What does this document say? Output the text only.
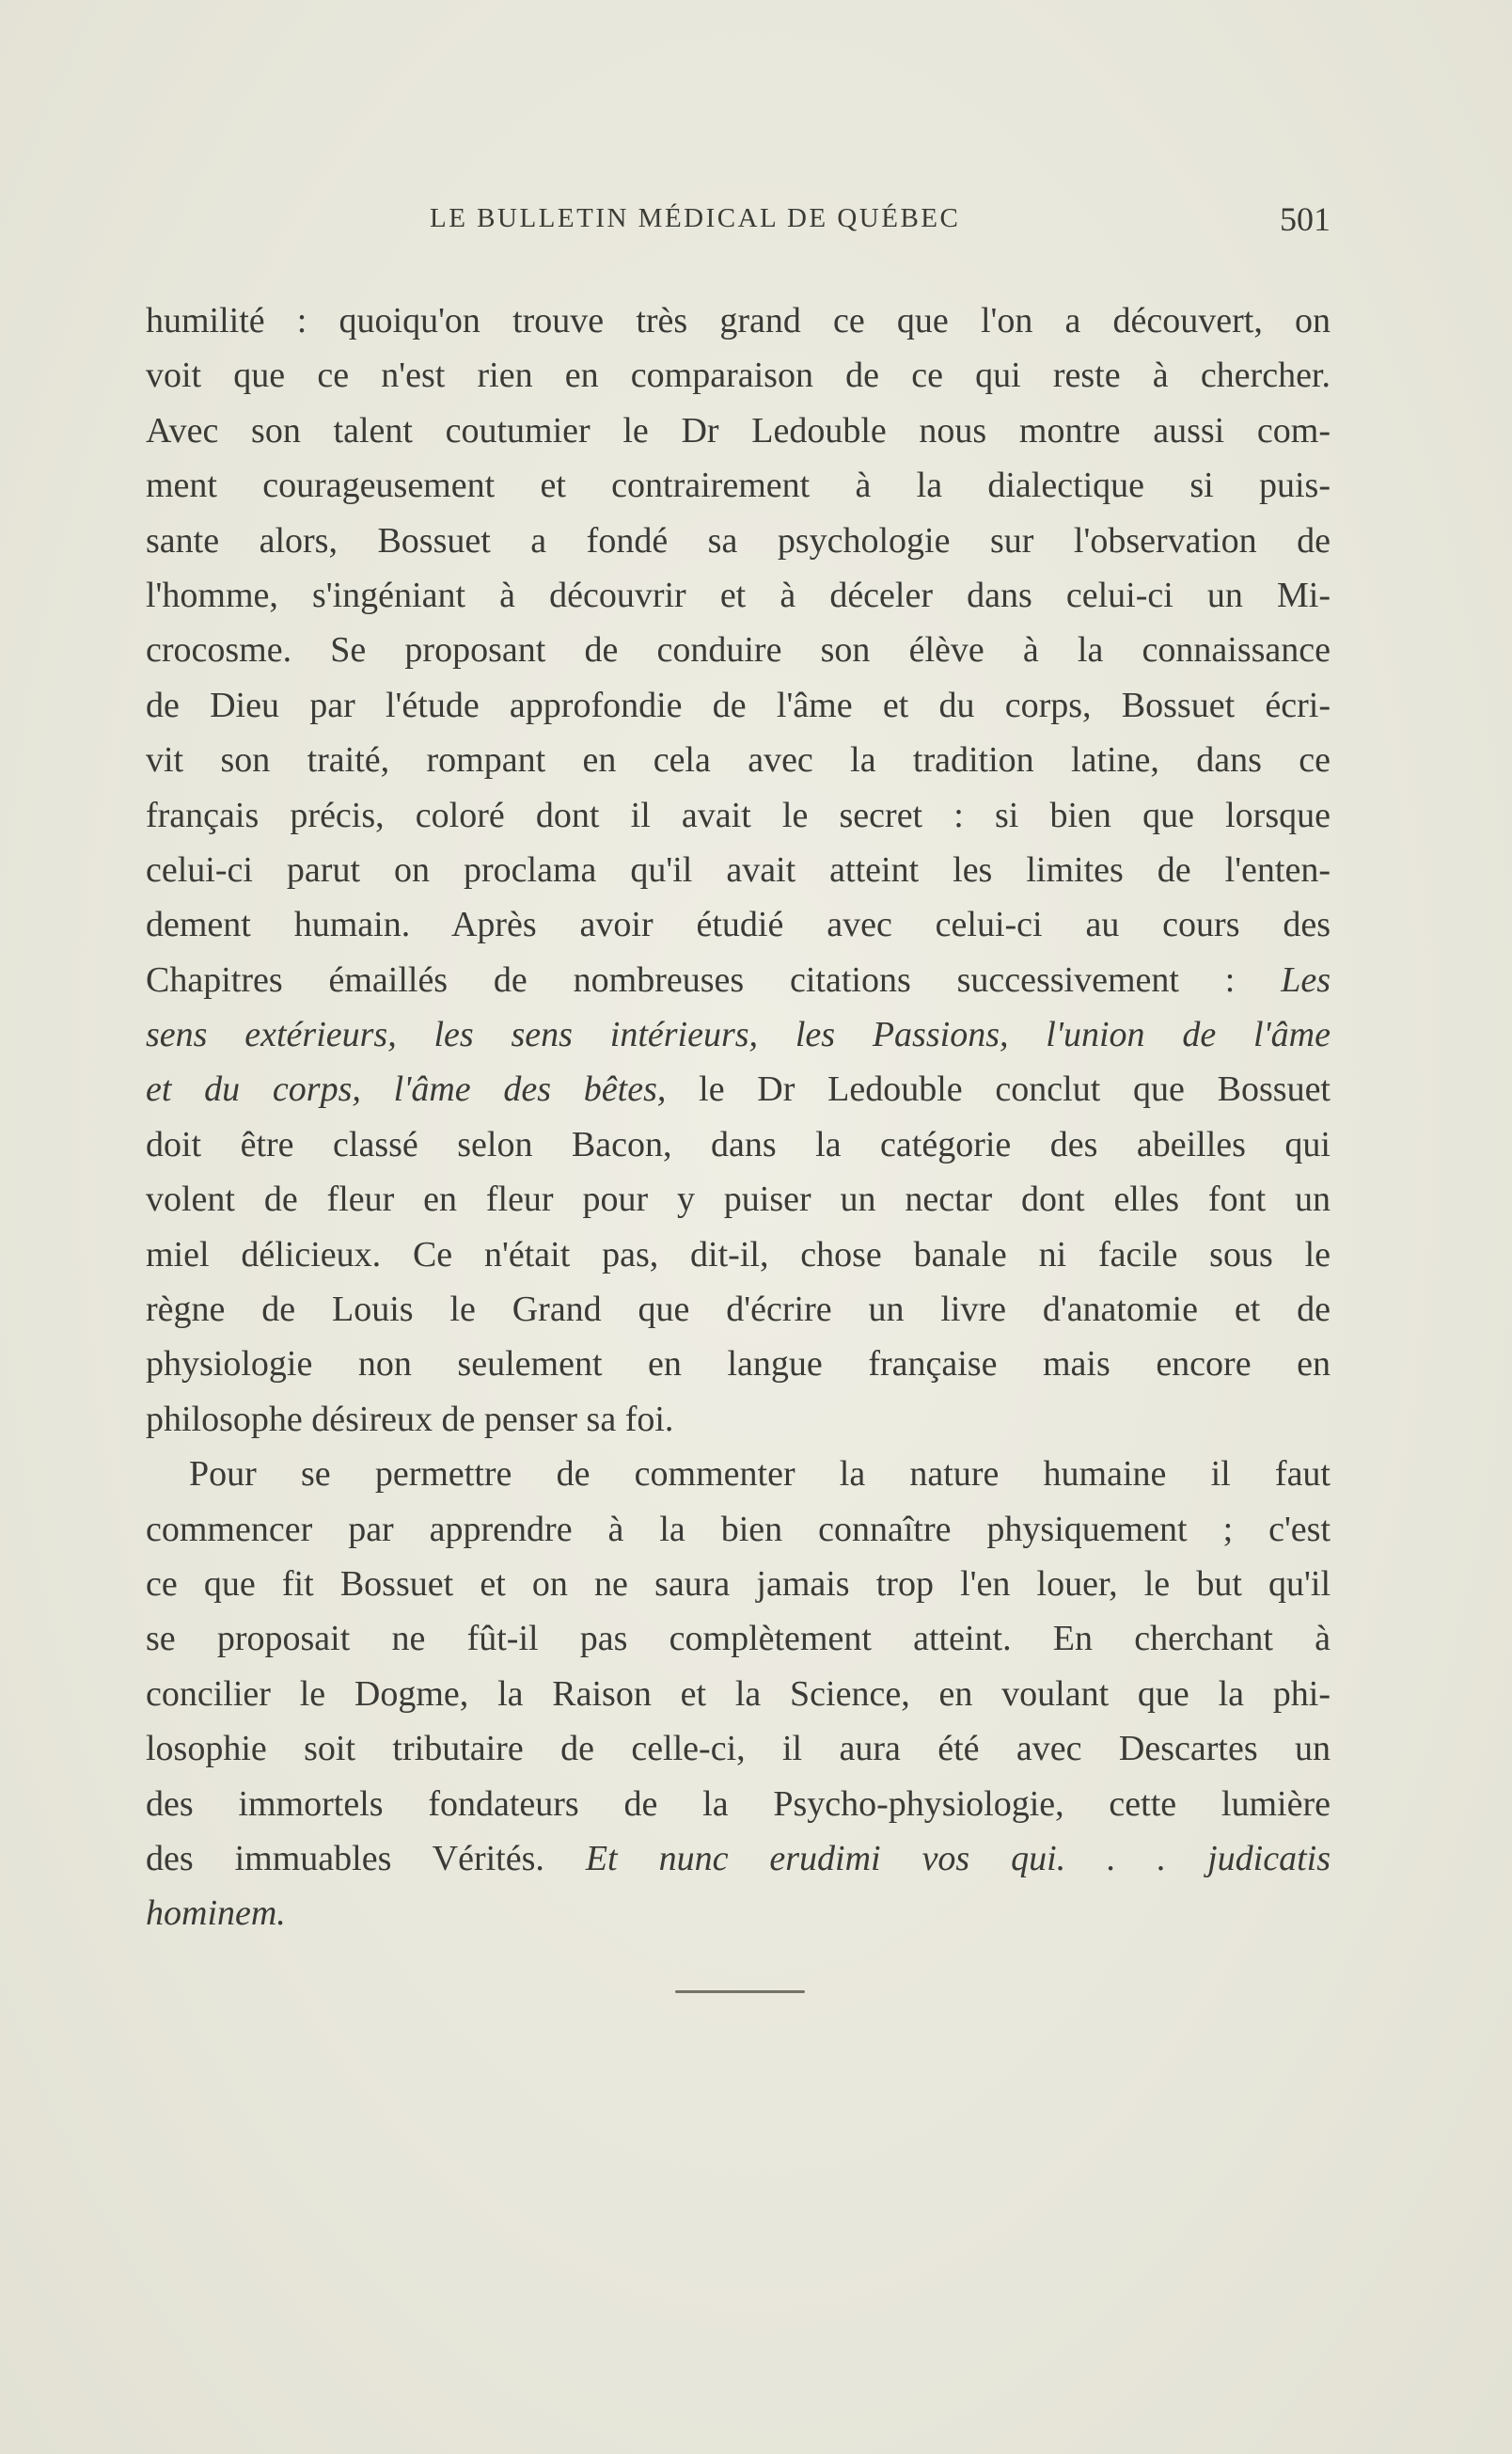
LE BULLETIN MÉDICAL DE QUÉBEC	501
humilité : quoiqu'on trouve très grand ce que l'on a découvert, on
voit que ce n'est rien en comparaison de ce qui reste à chercher.
Avec son talent coutumier le Dr Ledouble nous montre aussi com-
ment courageusement et contrairement à la dialectique si puis-
sante alors, Bossuet a fondé sa psychologie sur l'observation de
l'homme, s'ingéniant à découvrir et à déceler dans celui-ci un Mi-
crocosme. Se proposant de conduire son élève à la connaissance
de Dieu par l'étude approfondie de l'âme et du corps, Bossuet écri-
vit son traité, rompant en cela avec la tradition latine, dans ce
français précis, coloré dont il avait le secret : si bien que lorsque
celui-ci parut on proclama qu'il avait atteint les limites de l'enten-
dement humain. Après avoir étudié avec celui-ci au cours des
Chapitres émaillés de nombreuses citations successivement : Les
sens extérieurs, les sens intérieurs, les Passions, l'union de l'âme
et du corps, l'âme des bêtes, le Dr Ledouble conclut que Bossuet
doit être classé selon Bacon, dans la catégorie des abeilles qui
volent de fleur en fleur pour y puiser un nectar dont elles font un
miel délicieux. Ce n'était pas, dit-il, chose banale ni facile sous le
règne de Louis le Grand que d'écrire un livre d'anatomie et de
physiologie non seulement en langue française mais encore en
philosophe désireux de penser sa foi.
Pour se permettre de commenter la nature humaine il faut
commencer par apprendre à la bien connaître physiquement ; c'est
ce que fit Bossuet et on ne saura jamais trop l'en louer, le but qu'il
se proposait ne fût-il pas complètement atteint. En cherchant à
concilier le Dogme, la Raison et la Science, en voulant que la phi-
losophie soit tributaire de celle-ci, il aura été avec Descartes un
des immortels fondateurs de la Psycho-physiologie, cette lumière
des immuables Vérités. Et nunc erudimi vos qui. . . judicatis
hominem.
